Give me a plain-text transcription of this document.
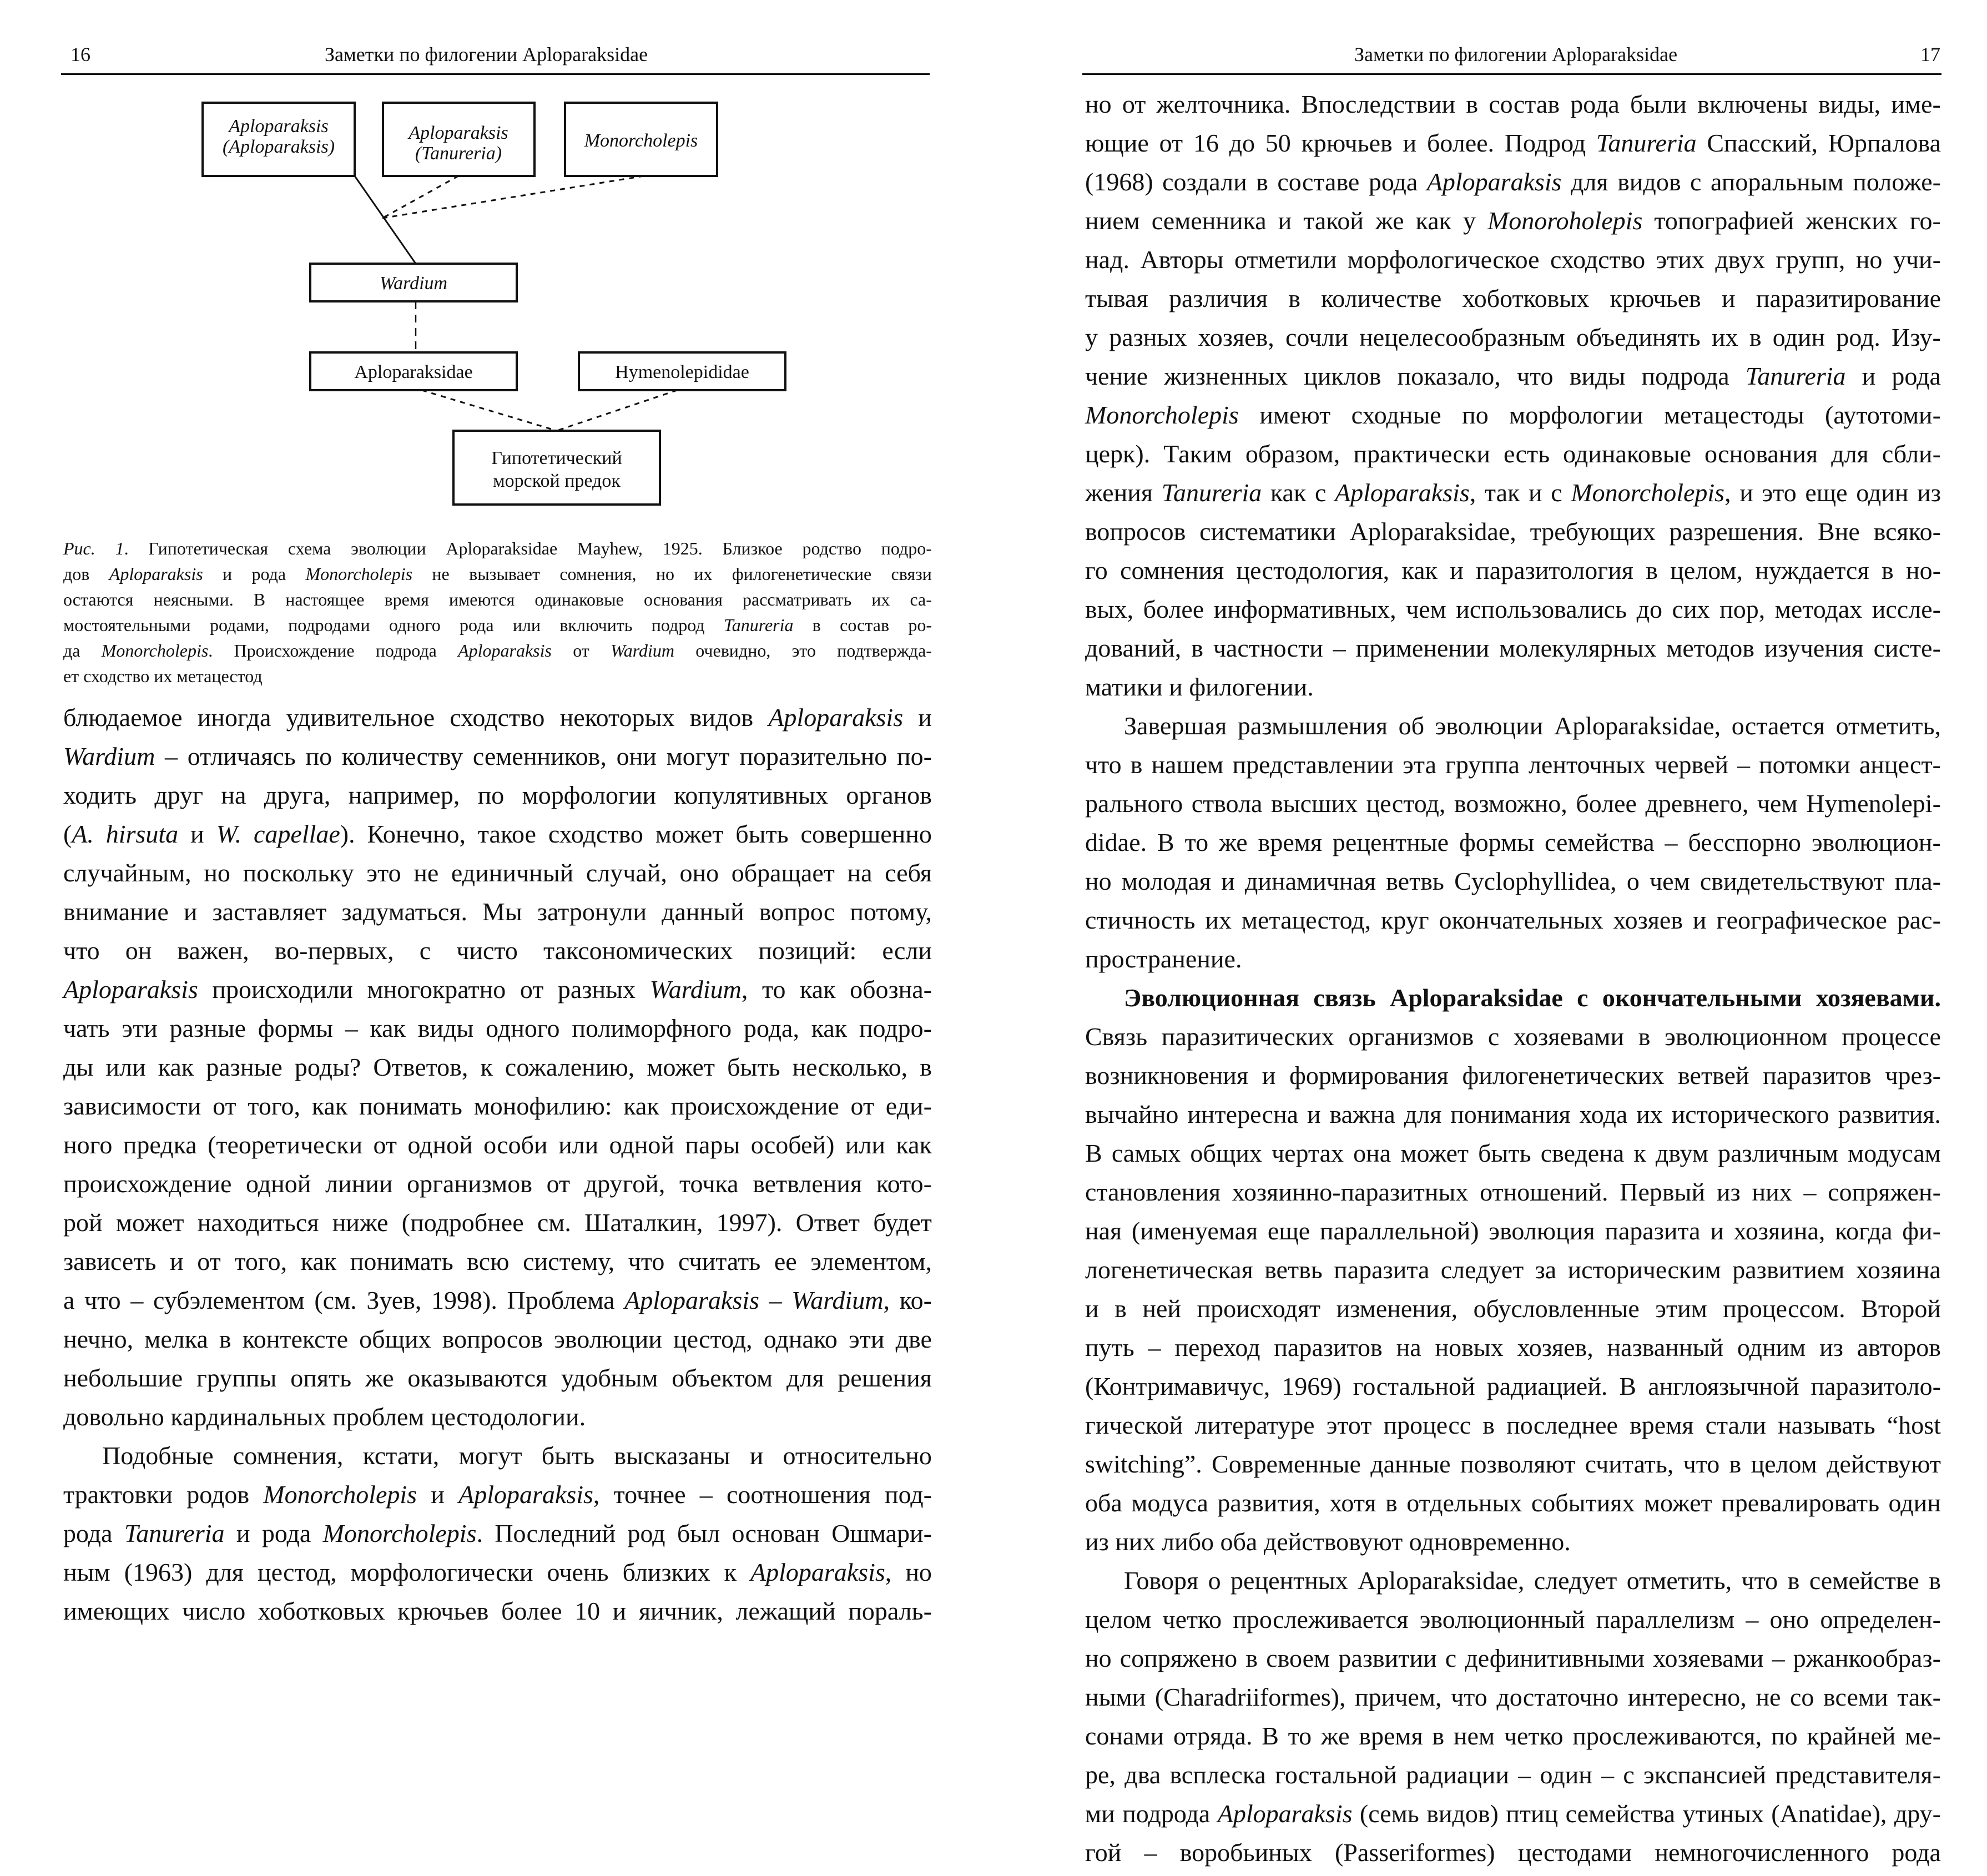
16	Заметки по филогении Aploparaksidae
Aploparaksis
(Aploparaksis)
Aploparaksis
(Tanureria)
Monorcholepis
Wardium
Aploparaksidae	Hymenolepididae
Гипотетический
морской предок
Рис. 1. Гипотетическая схема эволюции Aploparaksidae Mayhew, 1925. Близкое родство подро-
дов Aploparaksis и рода Monorcholepis не вызывает сомнения, но их филогенетические связи
остаются неясными. В настоящее время имеются одинаковые основания рассматривать их са-
мостоятельными родами, подродами одного рода или включить подрод Tanureria в состав ро-
да Monorcholepis. Происхождение подрода Aploparaksis от Wardium очевидно, это подтвержда-
ет сходство их метацестод
блюдаемое иногда удивительное сходство некоторых видов Aploparaksis и
Wardium – отличаясь по количеству семенников, они могут поразительно по-
ходить друг на друга, например, по морфологии копулятивных органов
(A. hirsuta и W. capellae). Конечно, такое сходство может быть совершенно
случайным, но поскольку это не единичный случай, оно обращает на себя
внимание и заставляет задуматься. Мы затронули данный вопрос потому,
что он важен, во-первых, с чисто таксономических позиций: если
Aploparaksis происходили многократно от разных Wardium, то как обозна-
чать эти разные формы – как виды одного полиморфного рода, как подро-
ды или как разные роды? Ответов, к сожалению, может быть несколько, в
зависимости от того, как понимать монофилию: как происхождение от еди-
ного предка (теоретически от одной особи или одной пары особей) или как
происхождение одной линии организмов от другой, точка ветвления кото-
рой может находиться ниже (подробнее см. Шаталкин, 1997). Ответ будет
зависеть и от того, как понимать всю систему, что считать ее элементом,
а что – субэлементом (см. Зуев, 1998). Проблема Aploparaksis – Wardium, ко-
нечно, мелка в контексте общих вопросов эволюции цестод, однако эти две
небольшие группы опять же оказываются удобным объектом для решения
довольно кардинальных проблем цестодологии.
Подобные сомнения, кстати, могут быть высказаны и относительно
трактовки родов Monorcholepis и Aploparaksis, точнее – соотношения под-
рода Tanureria и рода Monorcholepis. Последний род был основан Ошмари-
ным (1963) для цестод, морфологически очень близких к Aploparaksis, но
имеющих число хоботковых крючьев более 10 и яичник, лежащий пораль-
Заметки по филогении Aploparaksidae	17
но от желточника. Впоследствии в состав рода были включены виды, име-
ющие от 16 до 50 крючьев и более. Подрод Tanureria Спасский, Юрпалова
(1968) создали в составе рода Aploparaksis для видов с апоральным положе-
нием семенника и такой же как у Monoroholepis топографией женских го-
над. Авторы отметили морфологическое сходство этих двух групп, но учи-
тывая различия в количестве хоботковых крючьев и паразитирование
у разных хозяев, сочли нецелесообразным объединять их в один род. Изу-
чение жизненных циклов показало, что виды подрода Tanureria и рода
Monorcholepis имеют сходные по морфологии метацестоды (аутотоми-
церк). Таким образом, практически есть одинаковые основания для сбли-
жения Tanureria как с Aploparaksis, так и с Monorcholepis, и это еще один из
вопросов систематики Aploparaksidae, требующих разрешения. Вне всяко-
го сомнения цестодология, как и паразитология в целом, нуждается в но-
вых, более информативных, чем использовались до сих пор, методах иссле-
дований, в частности – применении молекулярных методов изучения систе-
матики и филогении.
Завершая размышления об эволюции Aploparaksidae, остается отметить,
что в нашем представлении эта группа ленточных червей – потомки анцест-
рального ствола высших цестод, возможно, более древнего, чем Hymenolepi-
didae. В то же время рецентные формы семейства – бесспорно эволюцион-
но молодая и динамичная ветвь Cyclophyllidea, о чем свидетельствуют пла-
стичность их метацестод, круг окончательных хозяев и географическое рас-
пространение.
Эволюционная связь Aploparaksidae с окончательными хозяевами.
Связь паразитических организмов с хозяевами в эволюционном процессе
возникновения и формирования филогенетических ветвей паразитов чрез-
вычайно интересна и важна для понимания хода их исторического развития.
В самых общих чертах она может быть сведена к двум различным модусам
становления хозяинно-паразитных отношений. Первый из них – сопряжен-
ная (именуемая еще параллельной) эволюция паразита и хозяина, когда фи-
логенетическая ветвь паразита следует за историческим развитием хозяина
и в ней происходят изменения, обусловленные этим процессом. Второй
путь – переход паразитов на новых хозяев, названный одним из авторов
(Контримавичус, 1969) гостальной радиацией. В англоязычной паразитоло-
гической литературе этот процесс в последнее время стали называть “host
switching”. Современные данные позволяют считать, что в целом действуют
оба модуса развития, хотя в отдельных событиях может превалировать один
из них либо оба действовуют одновременно.
Говоря о рецентных Aploparaksidae, следует отметить, что в семействе в
целом четко прослеживается эволюционный параллелизм – оно определен-
но сопряжено в своем развитии с дефинитивными хозяевами – ржанкообраз-
ными (Charadriiformes), причем, что достаточно интересно, не со всеми так-
сонами отряда. В то же время в нем четко прослеживаются, по крайней ме-
ре, два всплеска гостальной радиации – один – с экспансией представителя-
ми подрода Aploparaksis (семь видов) птиц семейства утиных (Anatidae), дру-
гой – воробьиных (Passeriformes) цестодами немногочисленного рода
